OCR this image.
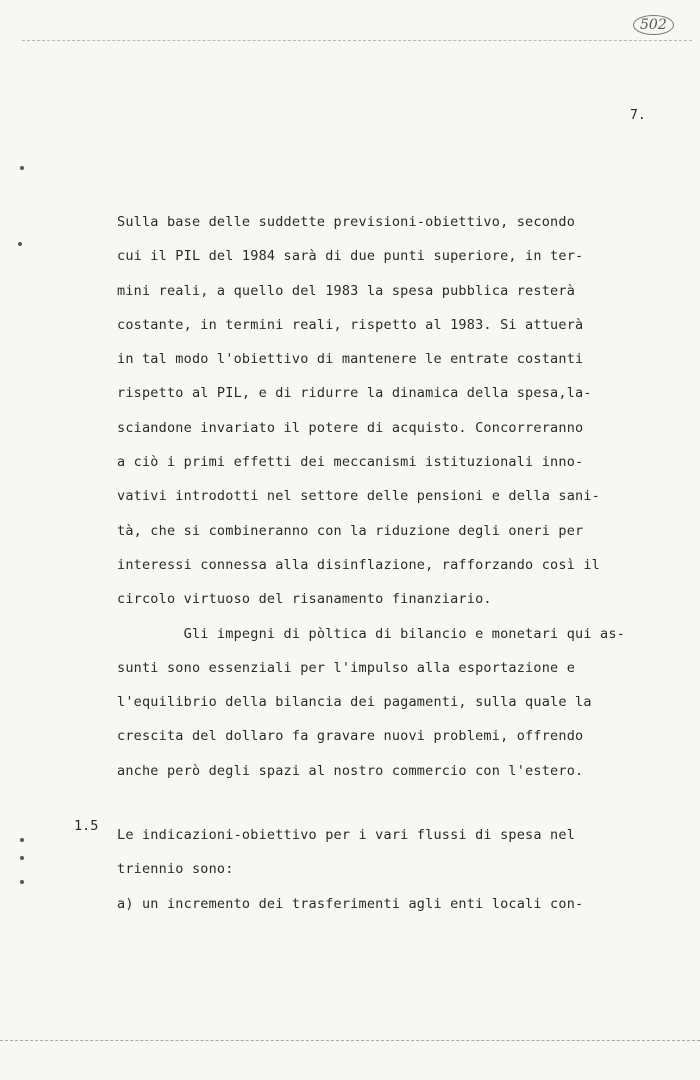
502
7.
Sulla base delle suddette previsioni-obiettivo, secondo
cui il PIL del 1984 sarà di due punti superiore, in ter-
mini reali, a quello del 1983 la spesa pubblica resterà
costante, in termini reali, rispetto al 1983. Si attuerà
in tal modo l'obiettivo di mantenere le entrate costanti
rispetto al PIL, e di ridurre la dinamica della spesa,la-
sciandone invariato il potere di acquisto. Concorreranno
a ciò i primi effetti dei meccanismi istituzionali inno-
vativi introdotti nel settore delle pensioni e della sani-
tà, che si combineranno con la riduzione degli oneri per
interessi connessa alla disinflazione, rafforzando così il
circolo virtuoso del risanamento finanziario.
Gli impegni di pòltica di bilancio e monetari qui as-
sunti sono essenziali per l'impulso alla esportazione e
l'equilibrio della bilancia dei pagamenti, sulla quale la
crescita del dollaro fa gravare nuovi problemi, offrendo
anche però degli spazi al nostro commercio con l'estero.
1.5
Le indicazioni-obiettivo per i vari flussi di spesa nel
triennio sono:
a) un incremento dei trasferimenti agli enti locali con-
